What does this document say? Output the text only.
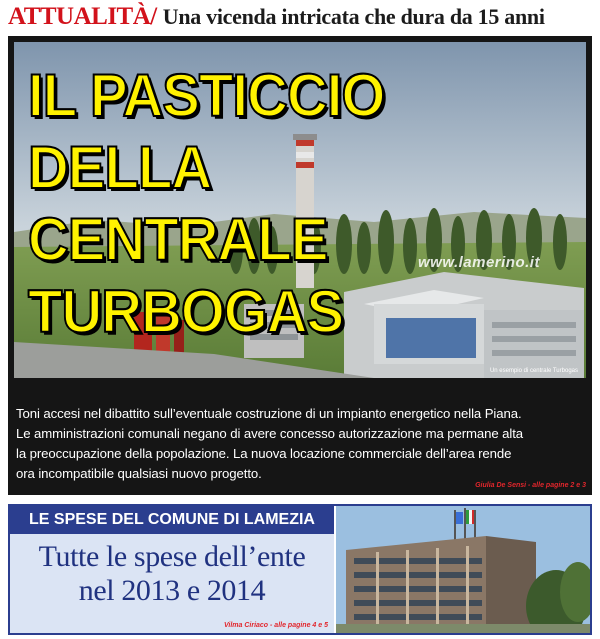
ATTUALITÀ/ Una vicenda intricata che dura da 15 anni
IL PASTICCIO
DELLA
CENTRALE
TURBOGAS
www.lamerino.it
Un esempio di centrale Turbogas
Toni accesi nel dibattito sull’eventuale costruzione di un impianto energetico nella Piana.
Le amministrazioni comunali negano di avere concesso autorizzazione ma permane alta
la preoccupazione della popolazione. La nuova locazione commerciale dell’area rende
ora incompatibile qualsiasi nuovo progetto.
Giulia De Sensi - alle pagine 2 e 3
LE SPESE DEL COMUNE DI LAMEZIA
Tutte le spese dell’ente
nel 2013 e 2014
Vilma Ciriaco - alle pagine 4 e 5
